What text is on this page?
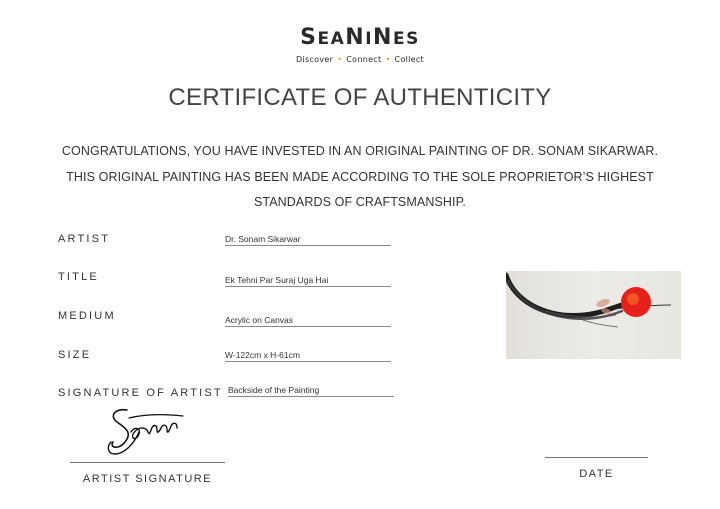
SEANINES
Discover • Connect • Collect
CERTIFICATE OF AUTHENTICITY
CONGRATULATIONS, YOU HAVE INVESTED IN AN ORIGINAL PAINTING OF DR. SONAM SIKARWAR.
THIS ORIGINAL PAINTING HAS BEEN MADE ACCORDING TO THE SOLE PROPRIETOR’S HIGHEST
STANDARDS OF CRAFTSMANSHIP.
ARTIST	Dr. Sonam Sikarwar
TITLE	Ek Tehni Par Suraj Uga Hai
MEDIUM	Acrylic on Canvas
SIZE	W-122cm x H-61cm
SIGNATURE OF ARTIST Backside of the Painting
ARTIST SIGNATURE	DATE
